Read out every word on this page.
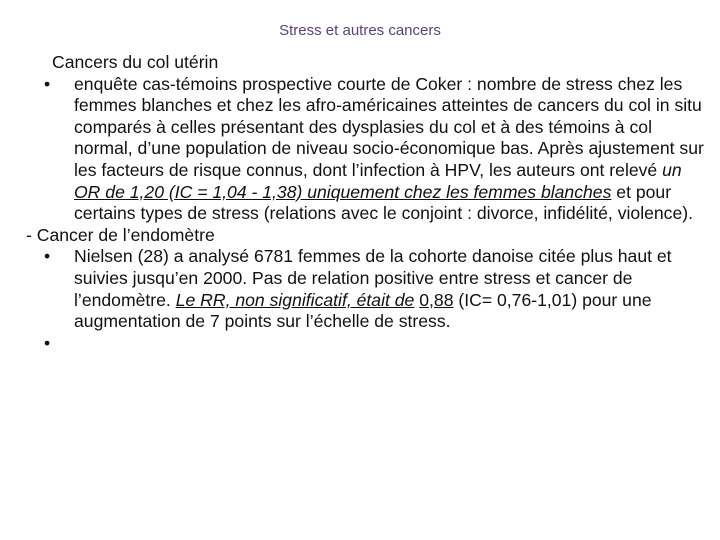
Stress et autres cancers
Cancers du col utérin
• enquête cas-témoins prospective courte de Coker : nombre de stress chez les femmes blanches et chez les afro-américaines atteintes de cancers du col in situ comparés à celles présentant des dysplasies du col et à des témoins à col normal, d’une population de niveau socio-économique bas. Après ajustement sur les facteurs de risque connus, dont l’infection à HPV, les auteurs ont relevé un OR de 1,20 (IC = 1,04 - 1,38) uniquement chez les femmes blanches et pour certains types de stress (relations avec le conjoint : divorce, infidélité, violence).
- Cancer de l’endomètre
• Nielsen (28) a analysé 6781 femmes de la cohorte danoise citée plus haut et suivies jusqu’en 2000. Pas de relation positive entre stress et cancer de l’endomètre. Le RR, non significatif, était de 0,88 (IC= 0,76-1,01) pour une augmentation de 7 points sur l’échelle de stress.
•
